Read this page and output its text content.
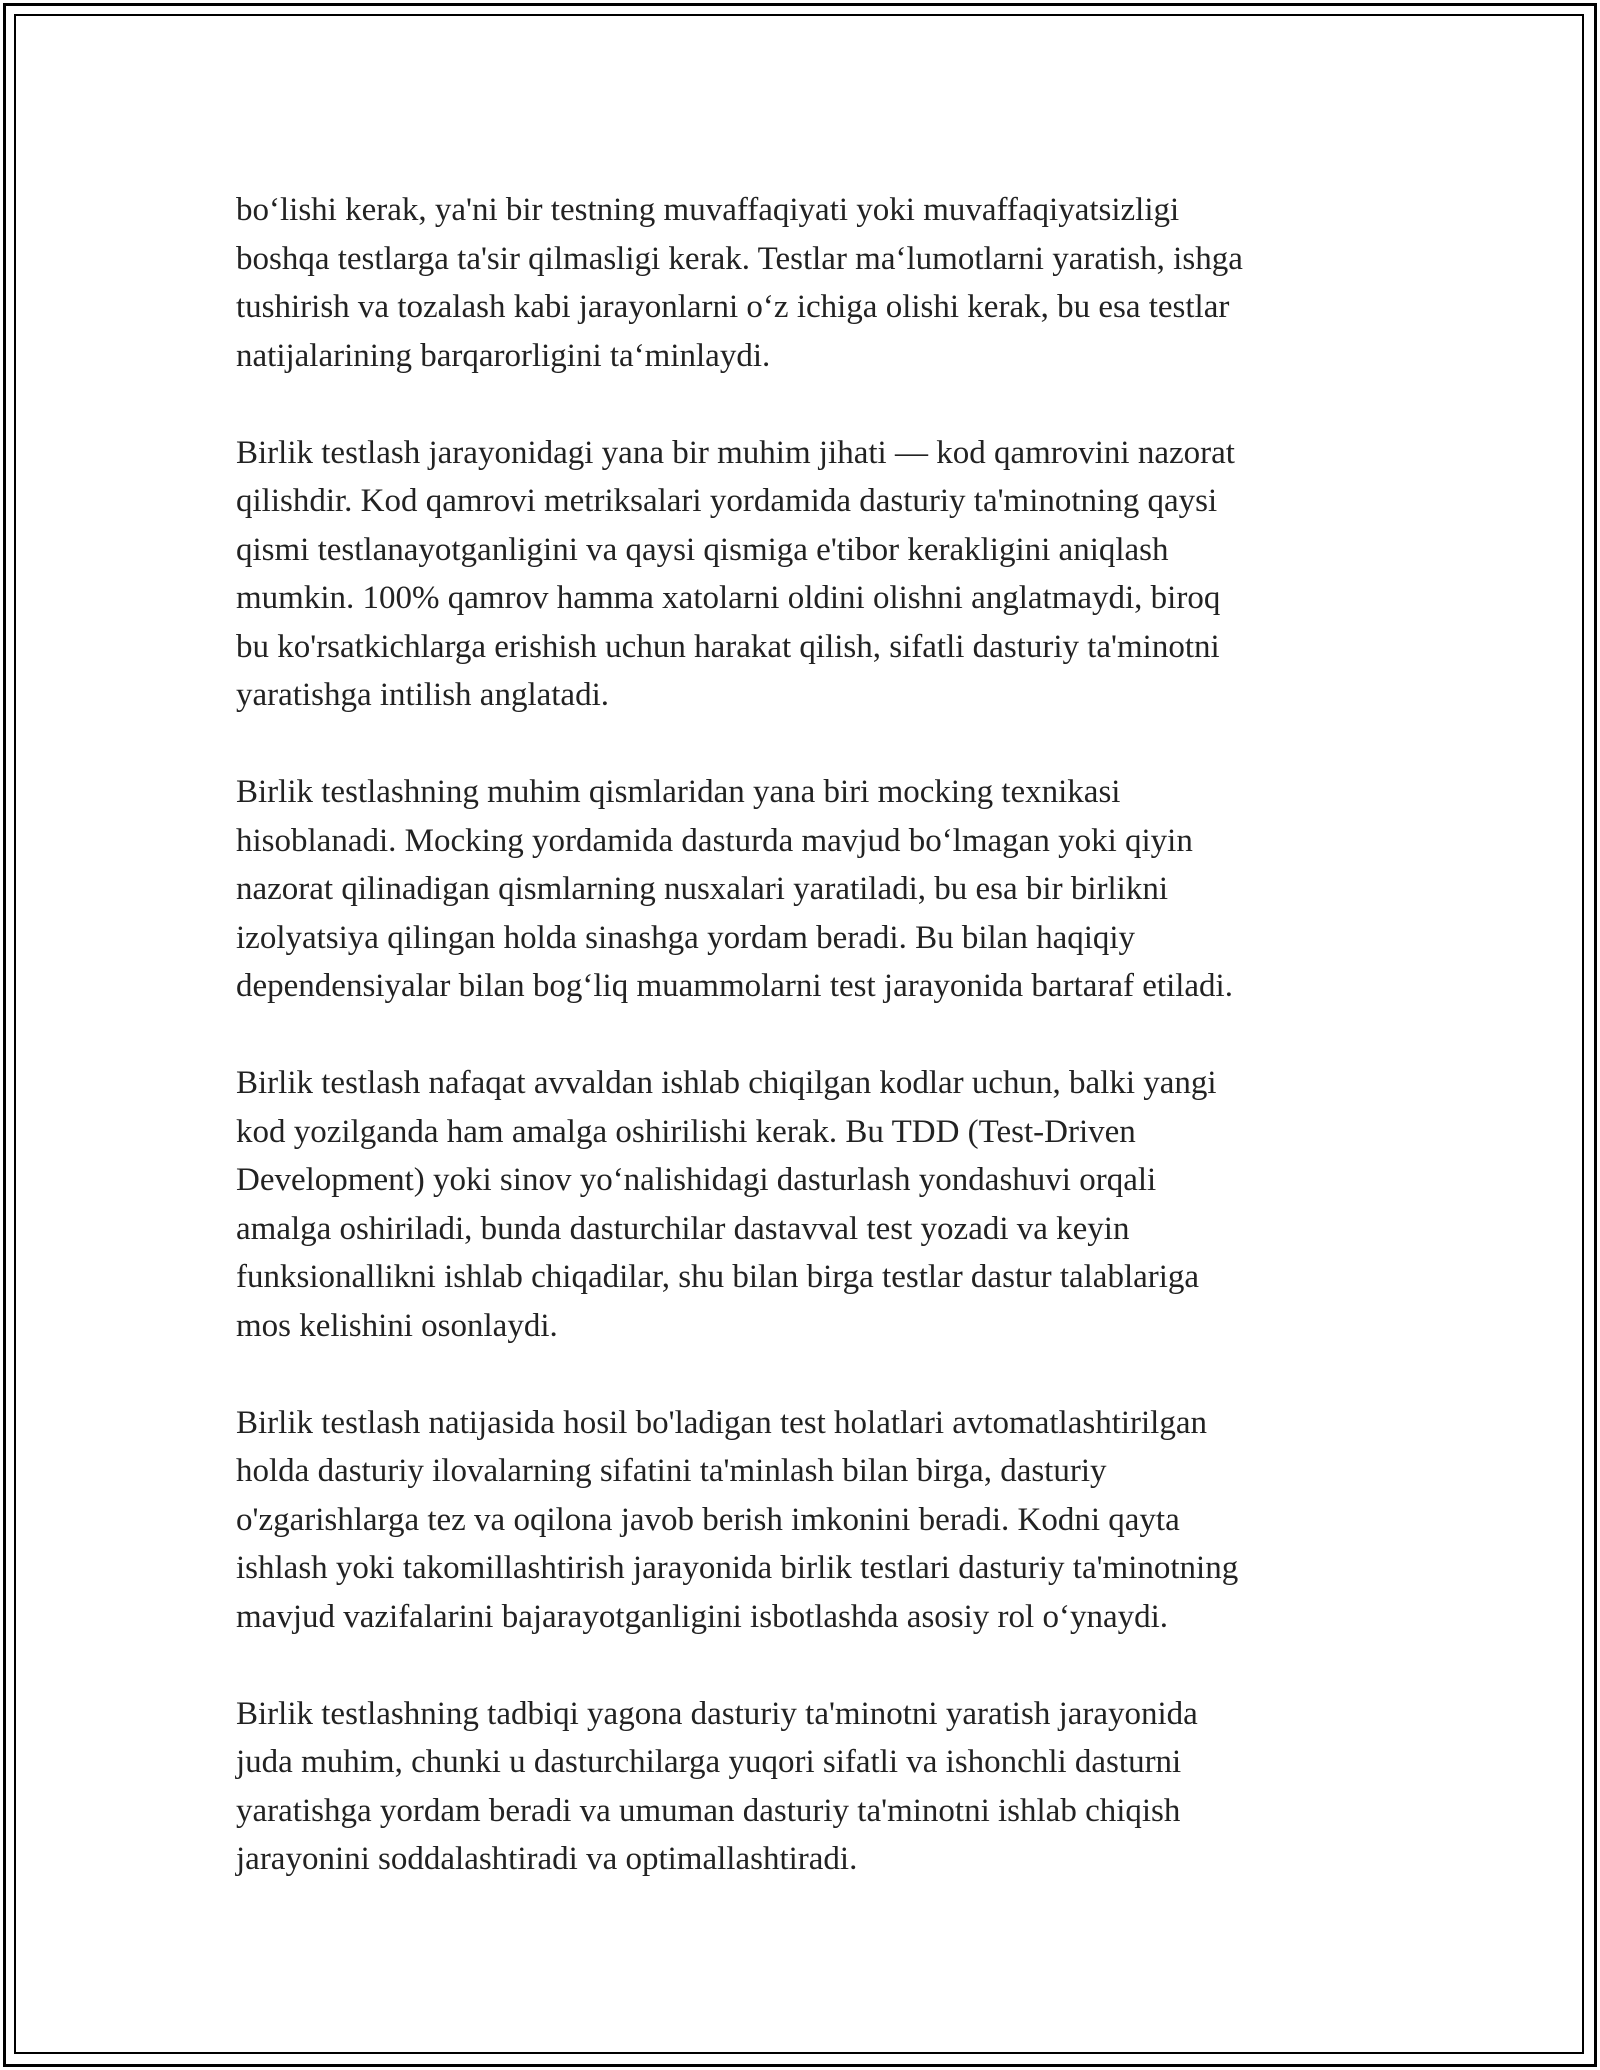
bo‘lishi kerak, ya'ni bir testning muvaffaqiyati yoki muvaffaqiyatsizligi
boshqa testlarga ta'sir qilmasligi kerak. Testlar ma‘lumotlarni yaratish, ishga
tushirish va tozalash kabi jarayonlarni o‘z ichiga olishi kerak, bu esa testlar
natijalarining barqarorligini ta‘minlaydi.

Birlik testlash jarayonidagi yana bir muhim jihati — kod qamrovini nazorat
qilishdir. Kod qamrovi metriksalari yordamida dasturiy ta'minotning qaysi
qismi testlanayotganligini va qaysi qismiga e'tibor kerakligini aniqlash
mumkin. 100% qamrov hamma xatolarni oldini olishni anglatmaydi, biroq
bu ko'rsatkichlarga erishish uchun harakat qilish, sifatli dasturiy ta'minotni
yaratishga intilish anglatadi.

Birlik testlashning muhim qismlaridan yana biri mocking texnikasi
hisoblanadi. Mocking yordamida dasturda mavjud bo‘lmagan yoki qiyin
nazorat qilinadigan qismlarning nusxalari yaratiladi, bu esa bir birlikni
izolyatsiya qilingan holda sinashga yordam beradi. Bu bilan haqiqiy
dependensiyalar bilan bog‘liq muammolarni test jarayonida bartaraf etiladi.

Birlik testlash nafaqat avvaldan ishlab chiqilgan kodlar uchun, balki yangi
kod yozilganda ham amalga oshirilishi kerak. Bu TDD (Test-Driven
Development) yoki sinov yo‘nalishidagi dasturlash yondashuvi orqali
amalga oshiriladi, bunda dasturchilar dastavval test yozadi va keyin
funksionallikni ishlab chiqadilar, shu bilan birga testlar dastur talablariga
mos kelishini osonlaydi.

Birlik testlash natijasida hosil bo'ladigan test holatlari avtomatlashtirilgan
holda dasturiy ilovalarning sifatini ta'minlash bilan birga, dasturiy
o'zgarishlarga tez va oqilona javob berish imkonini beradi. Kodni qayta
ishlash yoki takomillashtirish jarayonida birlik testlari dasturiy ta'minotning
mavjud vazifalarini bajarayotganligini isbotlashda asosiy rol o‘ynaydi.

Birlik testlashning tadbiqi yagona dasturiy ta'minotni yaratish jarayonida
juda muhim, chunki u dasturchilarga yuqori sifatli va ishonchli dasturni
yaratishga yordam beradi va umuman dasturiy ta'minotni ishlab chiqish
jarayonini soddalashtiradi va optimallashtiradi.
